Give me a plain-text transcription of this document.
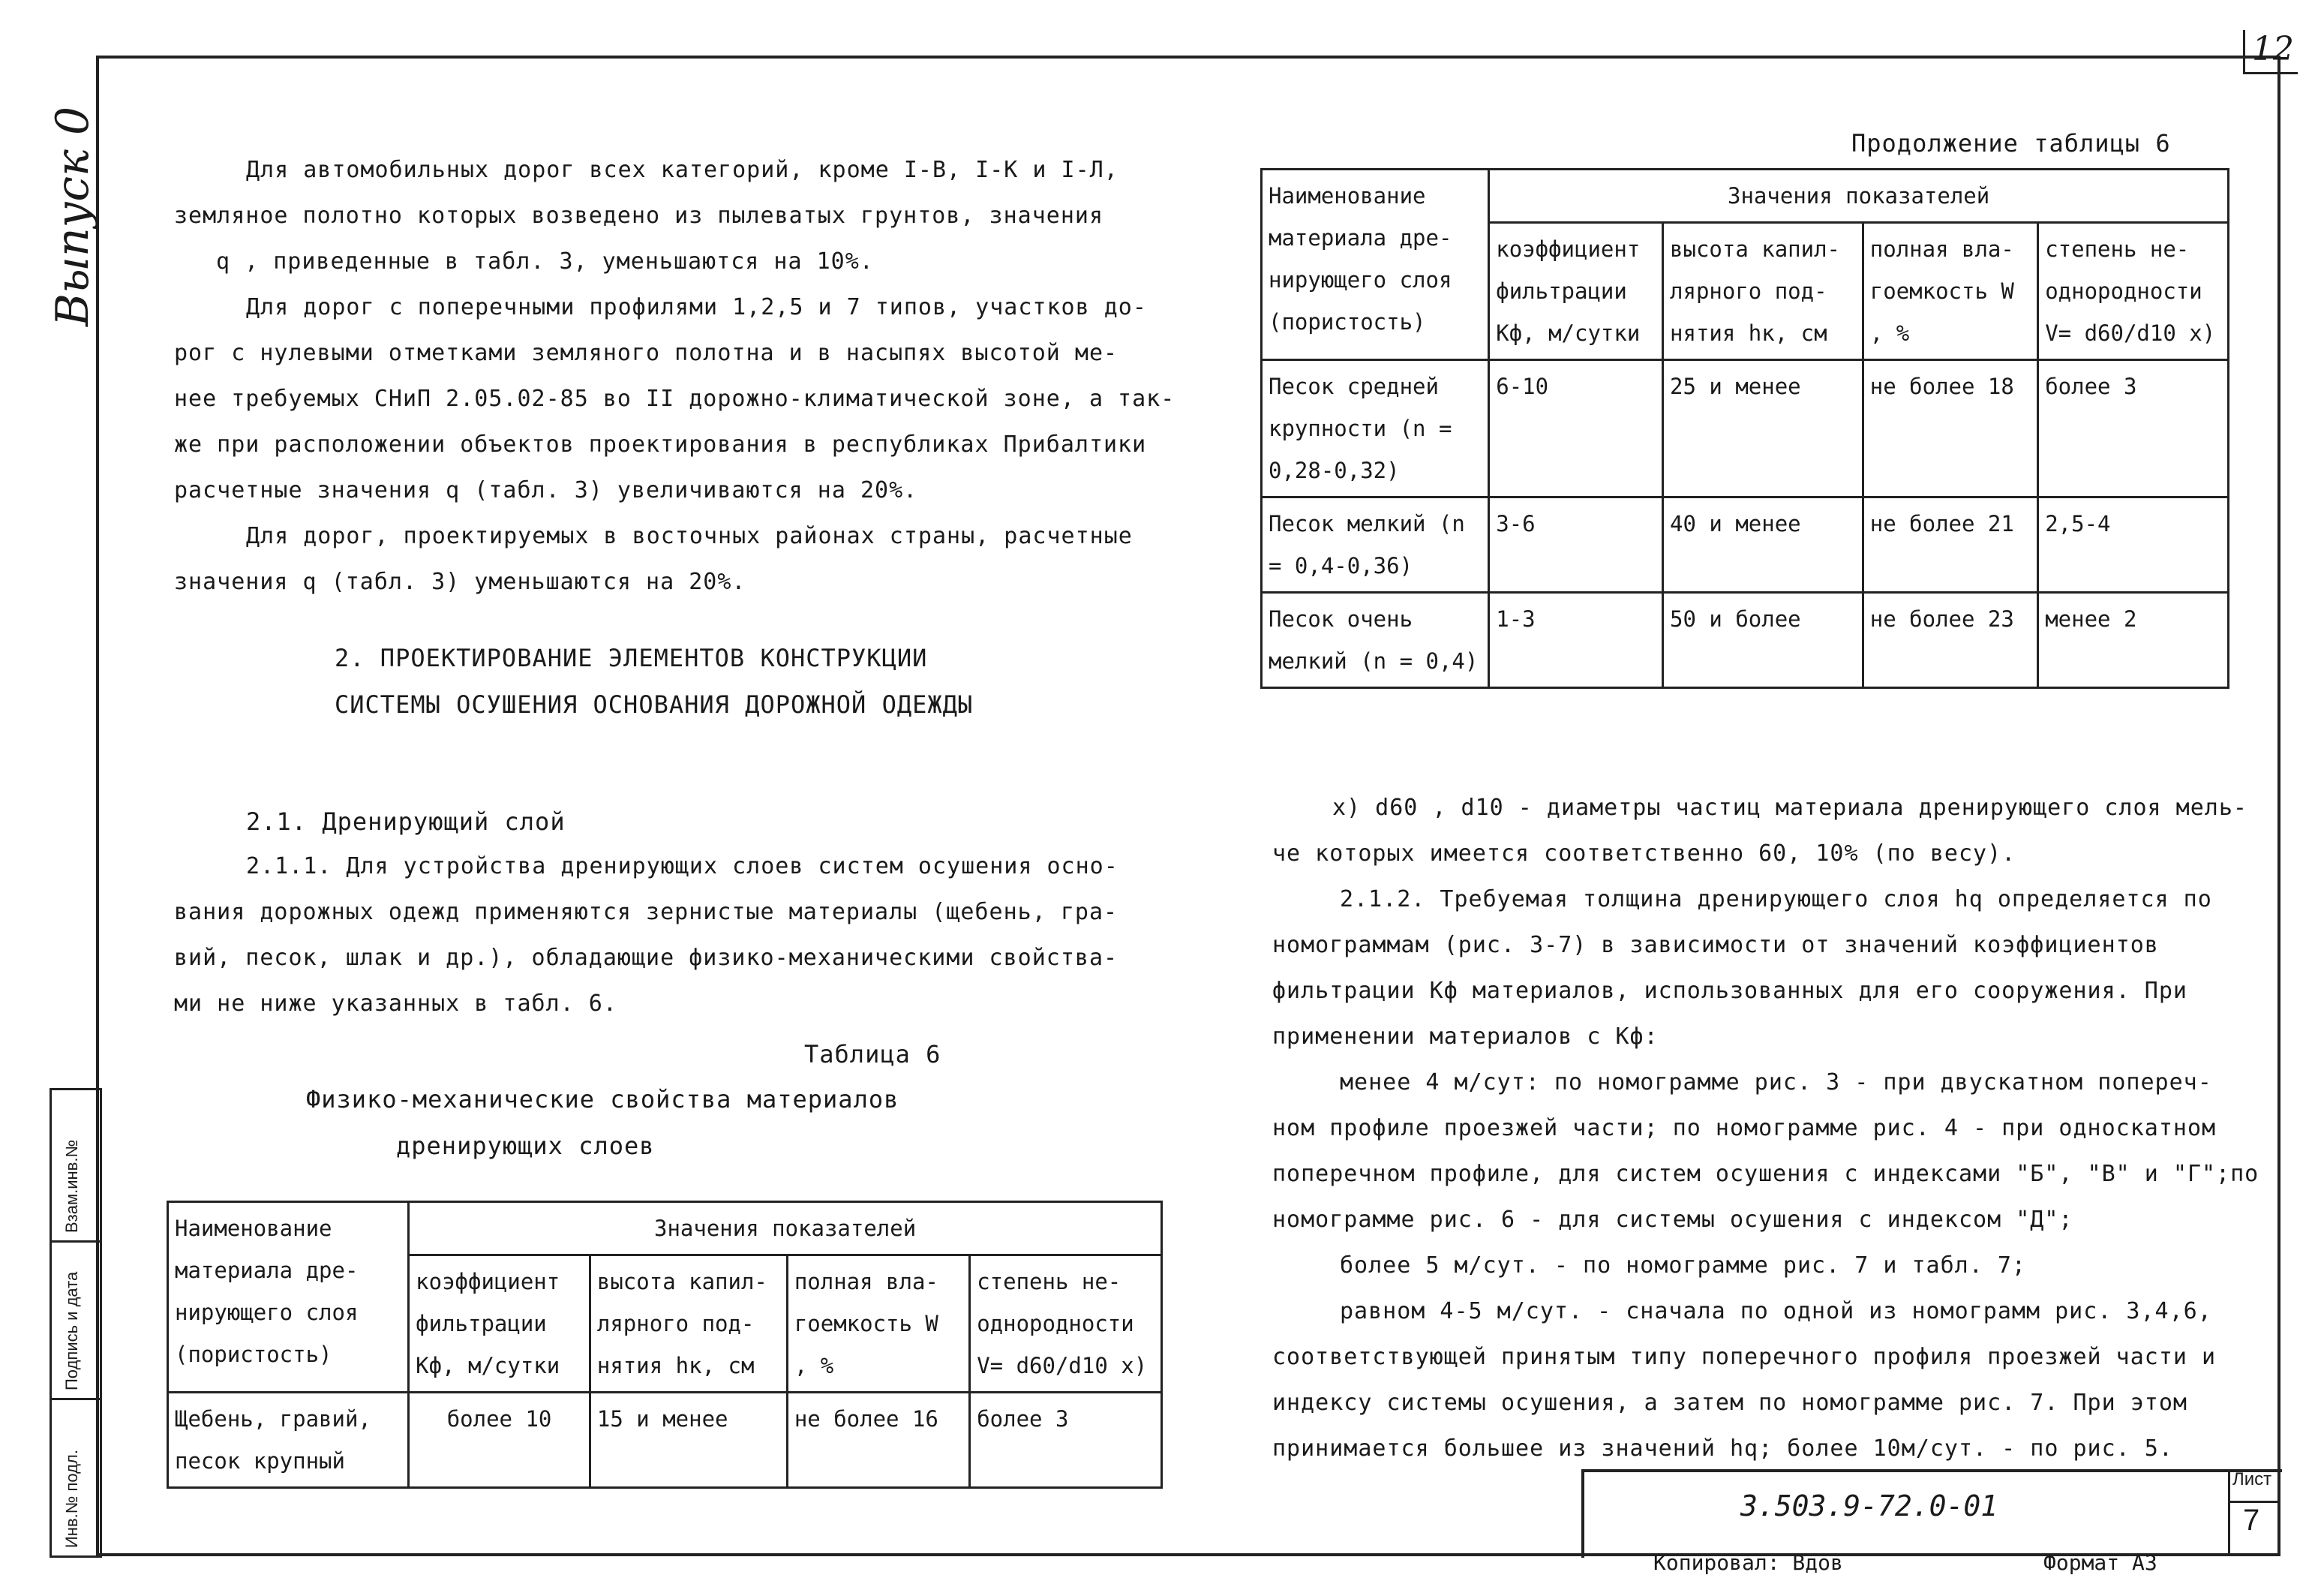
12
Выпуск 0
Инв.№ подл.
Подпись и дата
Взам.инв.№
Для автомобильных дорог всех категорий, кроме I-В, I-К и I-Л,
земляное полотно которых возведено из пылеватых грунтов, значения
q , приведенные в табл. 3, уменьшаются на 10%.
Для дорог с поперечными профилями 1,2,5 и 7 типов, участков до-
рог с нулевыми отметками земляного полотна и в насыпях высотой ме-
нее требуемых СНиП 2.05.02-85 во II дорожно-климатической зоне, а так-
же при расположении объектов проектирования в республиках Прибалтики
расчетные значения q (табл. 3) увеличиваются на 20%.
Для дорог, проектируемых в восточных районах страны, расчетные
значения q (табл. 3) уменьшаются на 20%.
2. ПРОЕКТИРОВАНИЕ ЭЛЕМЕНТОВ КОНСТРУКЦИИ
СИСТЕМЫ ОСУШЕНИЯ ОСНОВАНИЯ ДОРОЖНОЙ ОДЕЖДЫ
2.1. Дренирующий слой
2.1.1. Для устройства дренирующих слоев систем осушения осно-
вания дорожных одежд применяются зернистые материалы (щебень, гра-
вий, песок, шлак и др.), обладающие физико-механическими свойства-
ми не ниже указанных в табл. 6.
Таблица 6
Физико-механические свойства материалов
дренирующих слоев
Наименование материала дре-нирующего слоя (пористость)	Значения показателей			
	коэффициент фильтрации Kф, м/сутки	высота капил-лярного под-нятия hк, см	полная вла-гоемкость W , %	степень не-однородности V= d60/d10 x)
Щебень, гравий, песок крупный	более 10	15 и менее	не более 16	более 3
Продолжение таблицы 6
Наименование материала дре-нирующего слоя (пористость)	Значения показателей			
	коэффициент фильтрации Kф, м/сутки	высота капил-лярного под-нятия hк, см	полная вла-гоемкость W , %	степень не-однородности V= d60/d10 x)
Песок средней крупности (n = 0,28-0,32)	6-10	25 и менее	не более 18	более 3
Песок мелкий (n = 0,4-0,36)	3-6	40 и менее	не более 21	2,5-4
Песок очень мелкий (n = 0,4)	1-3	50 и более	не более 23	менее 2
x) d60 , d10 - диаметры частиц материала дренирующего слоя мель-
че которых имеется соответственно 60, 10% (по весу).
2.1.2. Требуемая толщина дренирующего слоя hq определяется по
номограммам (рис. 3-7) в зависимости от значений коэффициентов
фильтрации Kф материалов, использованных для его сооружения. При
применении материалов с Kф:
менее 4 м/сут: по номограмме рис. 3 - при двускатном попереч-
ном профиле проезжей части; по номограмме рис. 4 - при односкатном
поперечном профиле, для систем осушения с индексами "Б", "В" и "Г";по
номограмме рис. 6 - для системы осушения с индексом "Д";
более 5 м/сут. - по номограмме рис. 7 и табл. 7;
равном 4-5 м/сут. - сначала по одной из номограмм рис. 3,4,6,
соответствующей принятым типу поперечного профиля проезжей части и
индексу системы осушения, а затем по номограмме рис. 7. При этом
принимается большее из значений hq; более 10м/сут. - по рис. 5.
3.503.9-72.0-01
Лист
7
Копировал: Вдов	Формат А3
